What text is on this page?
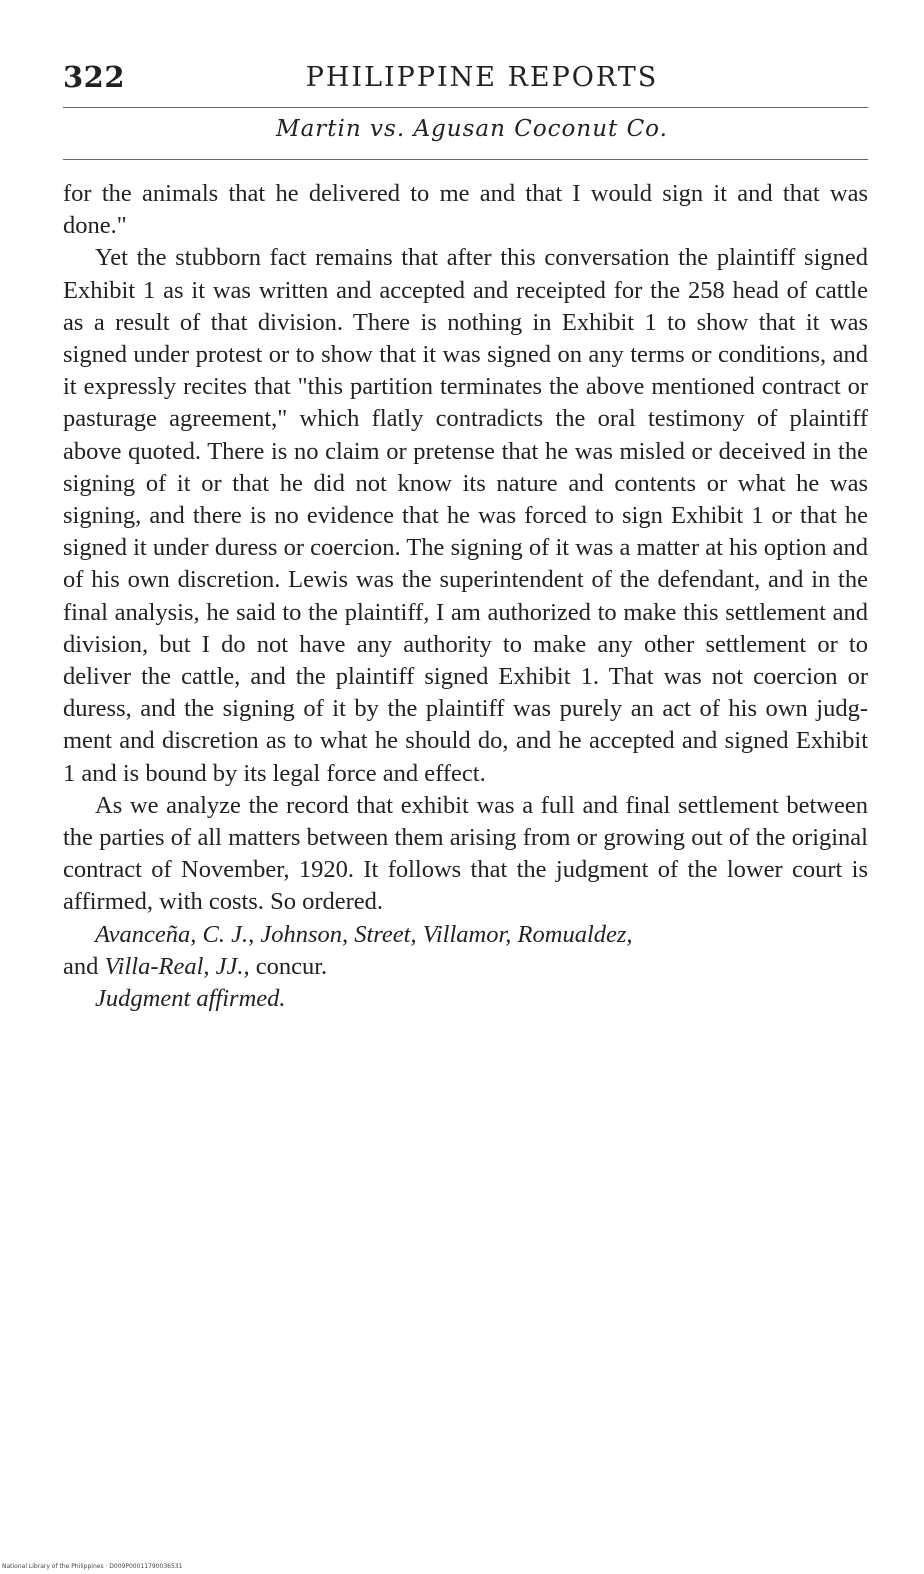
322	PHILIPPINE REPORTS
Martin vs. Agusan Coconut Co.

for the animals that he delivered to me and that I would sign it and that was done."

Yet the stubborn fact remains that after this conversation the plaintiff signed Exhibit 1 as it was written and accepted and receipted for the 258 head of cattle as a result of that division. There is nothing in Exhibit 1 to show that it was signed under protest or to show that it was signed on any terms or conditions, and it expressly recites that "this partition terminates the above mentioned contract or pasturage agreement," which flatly contradicts the oral testimony of plaintiff above quoted. There is no claim or pretense that he was misled or deceived in the signing of it or that he did not know its nature and contents or what he was signing, and there is no evidence that he was forced to sign Exhibit 1 or that he signed it under duress or coercion. The signing of it was a matter at his option and of his own discretion. Lewis was the superintendent of the defendant, and in the final analysis, he said to the plaintiff, I am authorized to make this settlement and division, but I do not have any authority to make any other settlement or to deliver the cattle, and the plaintiff signed Exhibit 1. That was not coercion or duress, and the signing of it by the plaintiff was purely an act of his own judgment and discretion as to what he should do, and he accepted and signed Exhibit 1 and is bound by its legal force and effect.

As we analyze the record that exhibit was a full and final settlement between the parties of all matters between them arising from or growing out of the original contract of November, 1920. It follows that the judgment of the lower court is affirmed, with costs. So ordered.

Avanceña, C. J., Johnson, Street, Villamor, Romualdez,

and Villa-Real, JJ., concur.

Judgment affirmed.

National Library of the Philippines · D009P00011790036531
